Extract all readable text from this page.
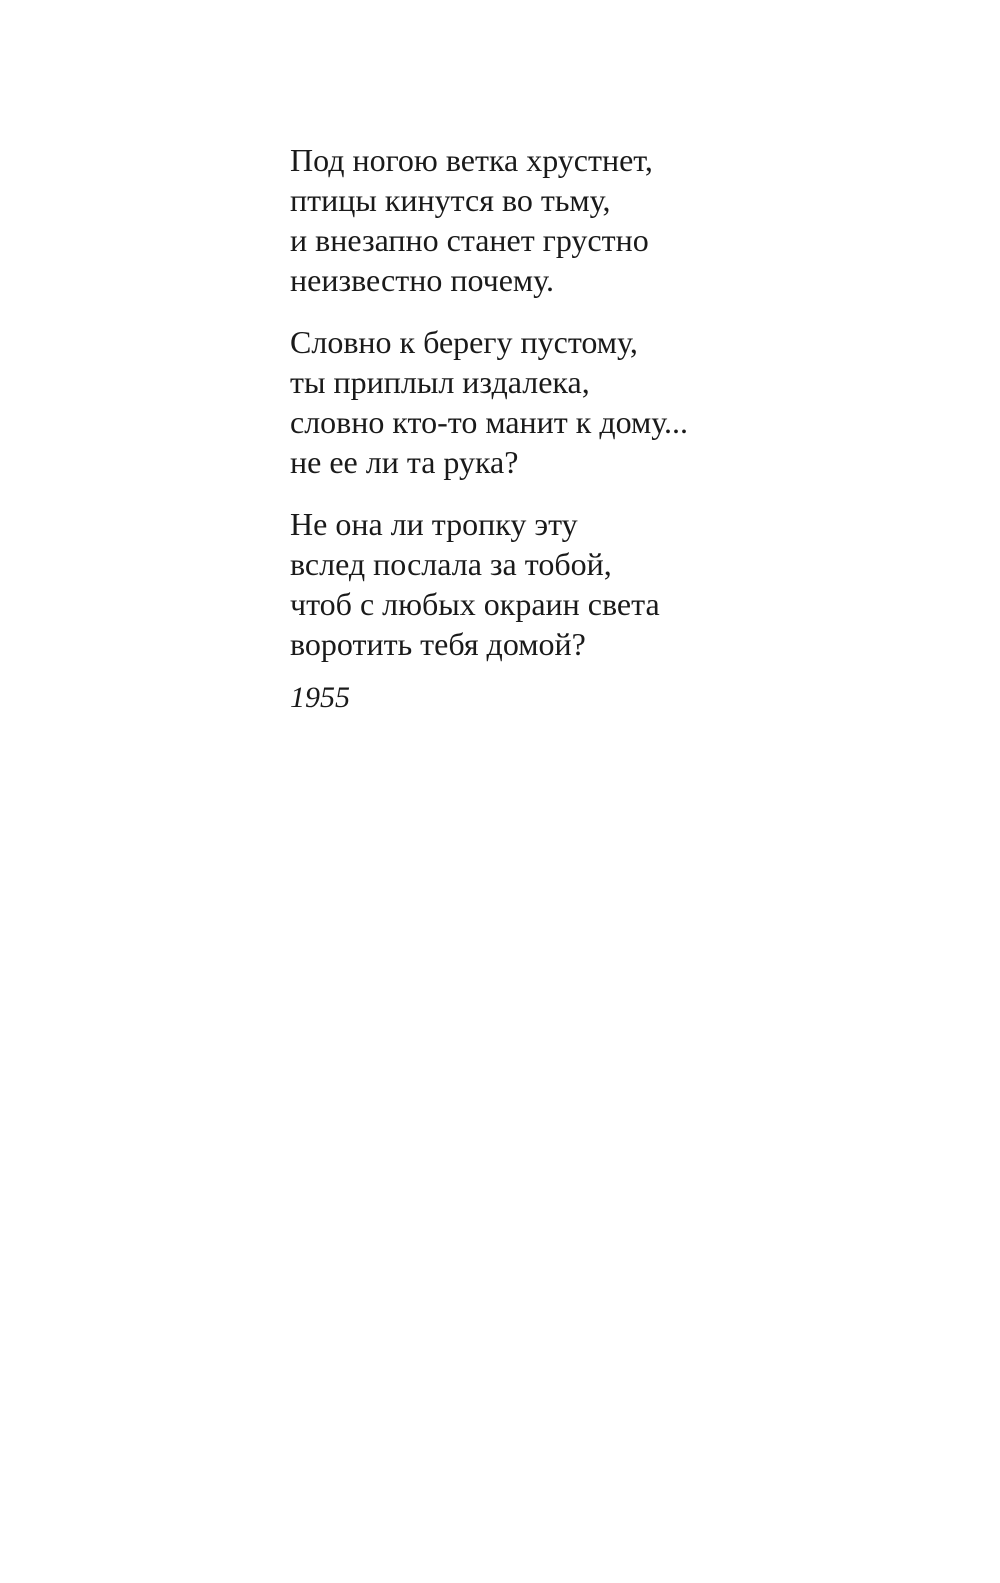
Под ногою ветка хрустнет,
птицы кинутся во тьму,
и внезапно станет грустно
неизвестно почему.
Словно к берегу пустому,
ты приплыл издалека,
словно кто-то манит к дому...
не ее ли та рука?
Не она ли тропку эту
вслед послала за тобой,
чтоб с любых окраин света
воротить тебя домой?
1955
